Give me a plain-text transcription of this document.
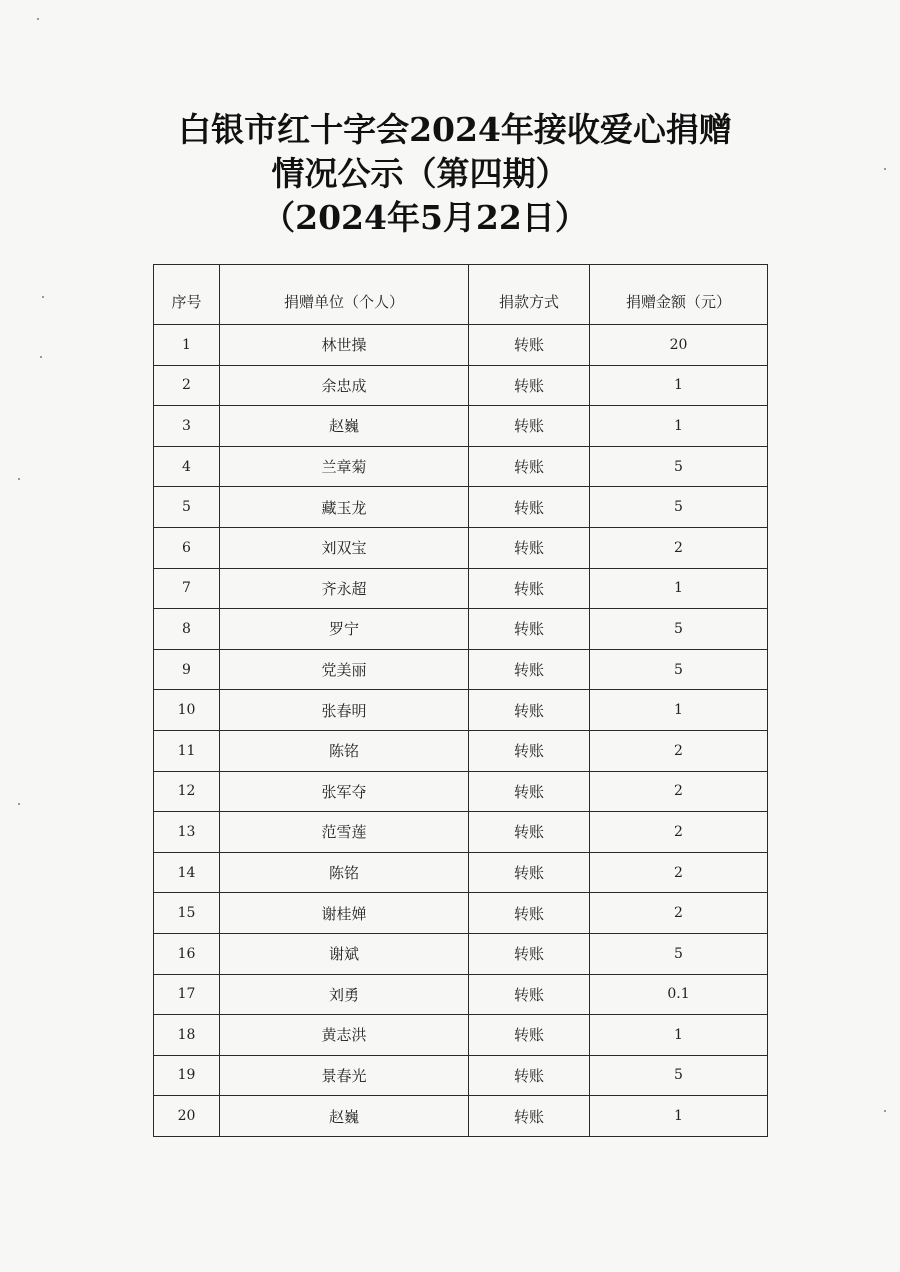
白银市红十字会2024年接收爱心捐赠
情况公示（第四期）
（2024年5月22日）
序号	捐赠单位（个人）	捐款方式	捐赠金额（元）
1	林世操	转账	20
2	余忠成	转账	1
3	赵巍	转账	1
4	兰章菊	转账	5
5	藏玉龙	转账	5
6	刘双宝	转账	2
7	齐永超	转账	1
8	罗宁	转账	5
9	党美丽	转账	5
10	张春明	转账	1
11	陈铭	转账	2
12	张军夺	转账	2
13	范雪莲	转账	2
14	陈铭	转账	2
15	谢桂婵	转账	2
16	谢斌	转账	5
17	刘勇	转账	0.1
18	黄志洪	转账	1
19	景春光	转账	5
20	赵巍	转账	1
